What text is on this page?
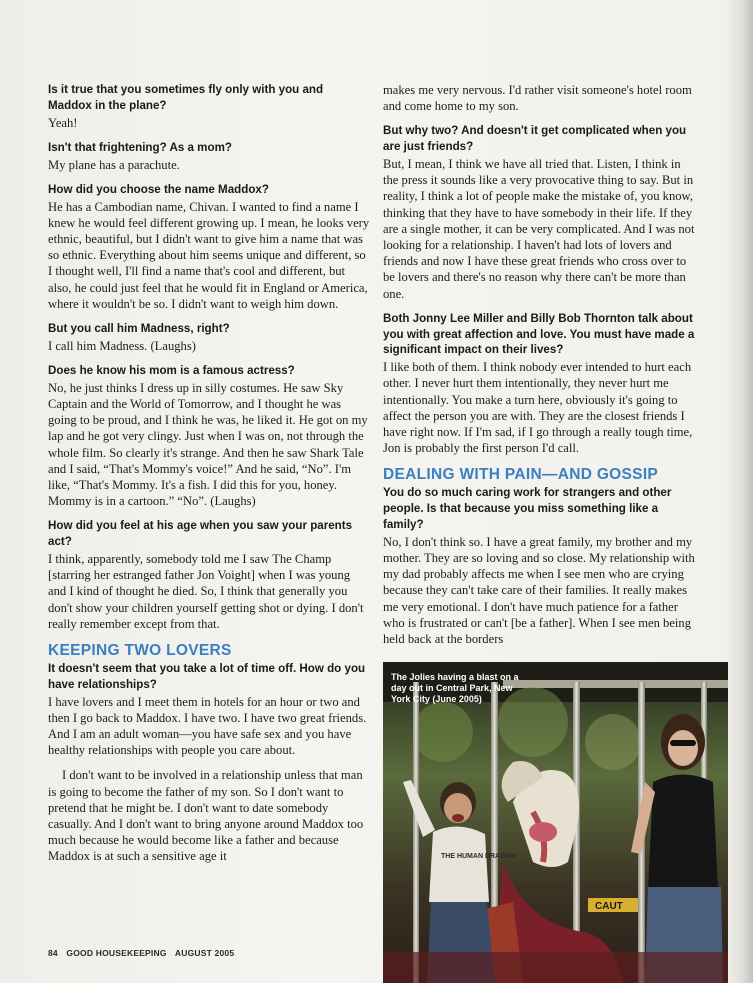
Is it true that you sometimes fly only with you and Maddox in the plane?

Yeah!

Isn't that frightening? As a mom?

My plane has a parachute.

How did you choose the name Maddox?

He has a Cambodian name, Chivan. I wanted to find a name I knew he would feel different growing up. I mean, he looks very ethnic, beautiful, but I didn't want to give him a name that was so ethnic. Everything about him seems unique and different, so I thought well, I'll find a name that's cool and different, but also, he could just feel that he would fit in England or America, where it wouldn't be so. I didn't want to weigh him down.

But you call him Madness, right?

I call him Madness. (Laughs)

Does he know his mom is a famous actress?

No, he just thinks I dress up in silly costumes. He saw Sky Captain and the World of Tomorrow, and I thought he was going to be proud, and I think he was, he liked it. He got on my lap and he got very clingy. Just when I was on, not through the whole film. So clearly it's strange. And then he saw Shark Tale and I said, “That's Mommy's voice!” And he said, “No”. I'm like, “That's Mommy. It's a fish. I did this for you, honey. Mommy is in a cartoon.” “No”. (Laughs)

How did you feel at his age when you saw your parents act?

I think, apparently, somebody told me I saw The Champ [starring her estranged father Jon Voight] when I was young and I kind of thought he died. So, I think that generally you don't show your children yourself getting shot or dying. I don't really remember except from that.

KEEPING TWO LOVERS

It doesn't seem that you take a lot of time off. How do you have relationships?

I have lovers and I meet them in hotels for an hour or two and then I go back to Maddox. I have two. I have two great friends. And I am an adult woman—you have safe sex and you have healthy relationships with people you care about.

I don't want to be involved in a relationship unless that man is going to become the father of my son. So I don't want to pretend that he might be. I don't want to date somebody casually. And I don't want to bring anyone around Maddox too much because he would become like a father and because Maddox is at such a sensitive age it

makes me very nervous. I'd rather visit someone's hotel room and come home to my son.

But why two? And doesn't it get complicated when you are just friends?

But, I mean, I think we have all tried that. Listen, I think in the press it sounds like a very provocative thing to say. But in reality, I think a lot of people make the mistake of, you know, thinking that they have to have somebody in their life. If they are a single mother, it can be very complicated. And I was not looking for a relationship. I haven't had lots of lovers and friends and now I have these great friends who cross over to be lovers and there's no reason why there can't be more than one.

Both Jonny Lee Miller and Billy Bob Thornton talk about you with great affection and love. You must have made a significant impact on their lives?

I like both of them. I think nobody ever intended to hurt each other. I never hurt them intentionally, they never hurt me intentionally. You make a turn here, obviously it's going to affect the person you are with. They are the closest friends I have right now. If I'm sad, if I go through a really tough time, Jon is probably the first person I'd call.

DEALING WITH PAIN—AND GOSSIP

You do so much caring work for strangers and other people. Is that because you miss something like a family?

No, I don't think so. I have a great family, my brother and my mother. They are so loving and so close. My relationship with my dad probably affects me when I see men who are crying because they can't take care of their families. It really makes me very emotional. I don't have much patience for a father who is frustrated or can't [be a father]. When I see men being held back at the borders

CAUT
THE HUMAN DRAGON
The Jolies having a blast on a day out in Central Park, New York City (June 2005)
84 GOOD HOUSEKEEPING AUGUST 2005
